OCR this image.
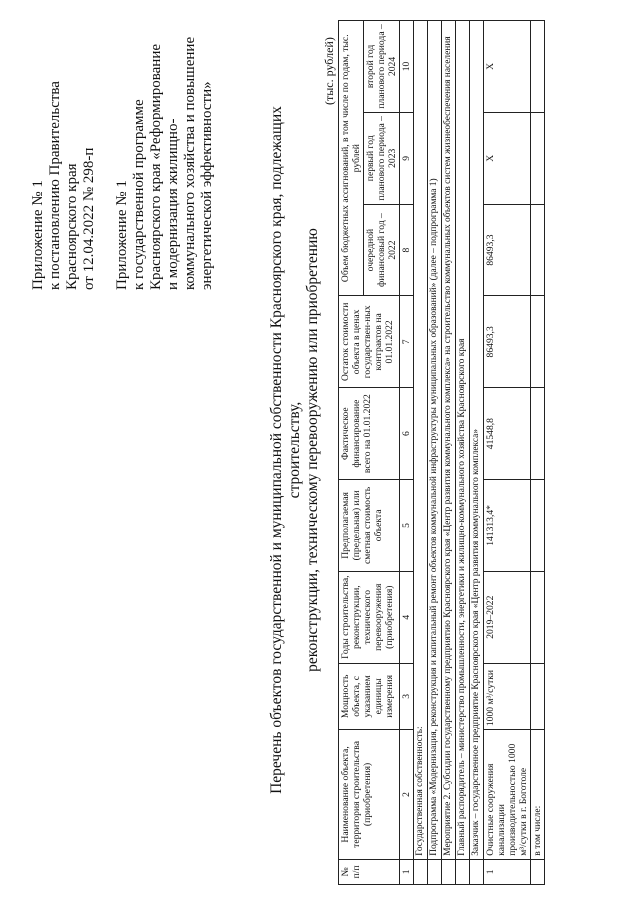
Приложение № 1 к постановлению Правительства Красноярского края от 12.04.2022 № 298-п Приложение № 1 к государственной программе Красноярского края «Реформирование и модернизация жилищно- коммунального хозяйства и повышение энергетической эффективности»	Перечень объектов государственной и муниципальной собственности Красноярского края, подлежащих строительству, реконструкции, техническому перевооружению или приобретению
(тыс. рублей)
№ п/п	Наименование объекта, территория строительства (приобретения)	Мощность объекта, с указанием единицы измерения	Годы строительства, реконструкции, технического перевооружения (приобретения)	Предполагаемая (предельная) или сметная стоимость объекта	Фактическое финансирование всего на 01.01.2022	Остаток стоимости объекта в ценах государствен-ных контрактов на 01.01.2022	Объем бюджетных ассигнований, в том числе по годам, тыс. рублей		
							очередной финансовый год – 2022	первый год планового периода – 2023	второй год планового периода – 2024
1	2	3	4	5	6	7	8	9	10
	Государственная собственность:								
	Подпрограмма «Модернизация, реконструкция и капитальный ремонт объектов коммунальной инфраструктуры муниципальных образований» (далее – подпрограмма 1)								
	Мероприятие 2. Субсидии государственному предприятию Красноярского края «Центр развития коммунального комплекса» на строительство коммунальных объектов систем жизнеобеспечения населения								
	Главный распорядитель – министерство промышленности, энергетики и жилищно-коммунального хозяйства Красноярского края								
	Заказчик – государственное предприятие Красноярского края «Центр развития коммунального комплекса»								
1	Очистные сооружения канализации производительностью 1000 м³/сутки в г. Боготоле	1000 м³/сутки	2019–2022	141313,4*	41548,8	86493,3	86493,3	Х	Х
	в том числе:								
